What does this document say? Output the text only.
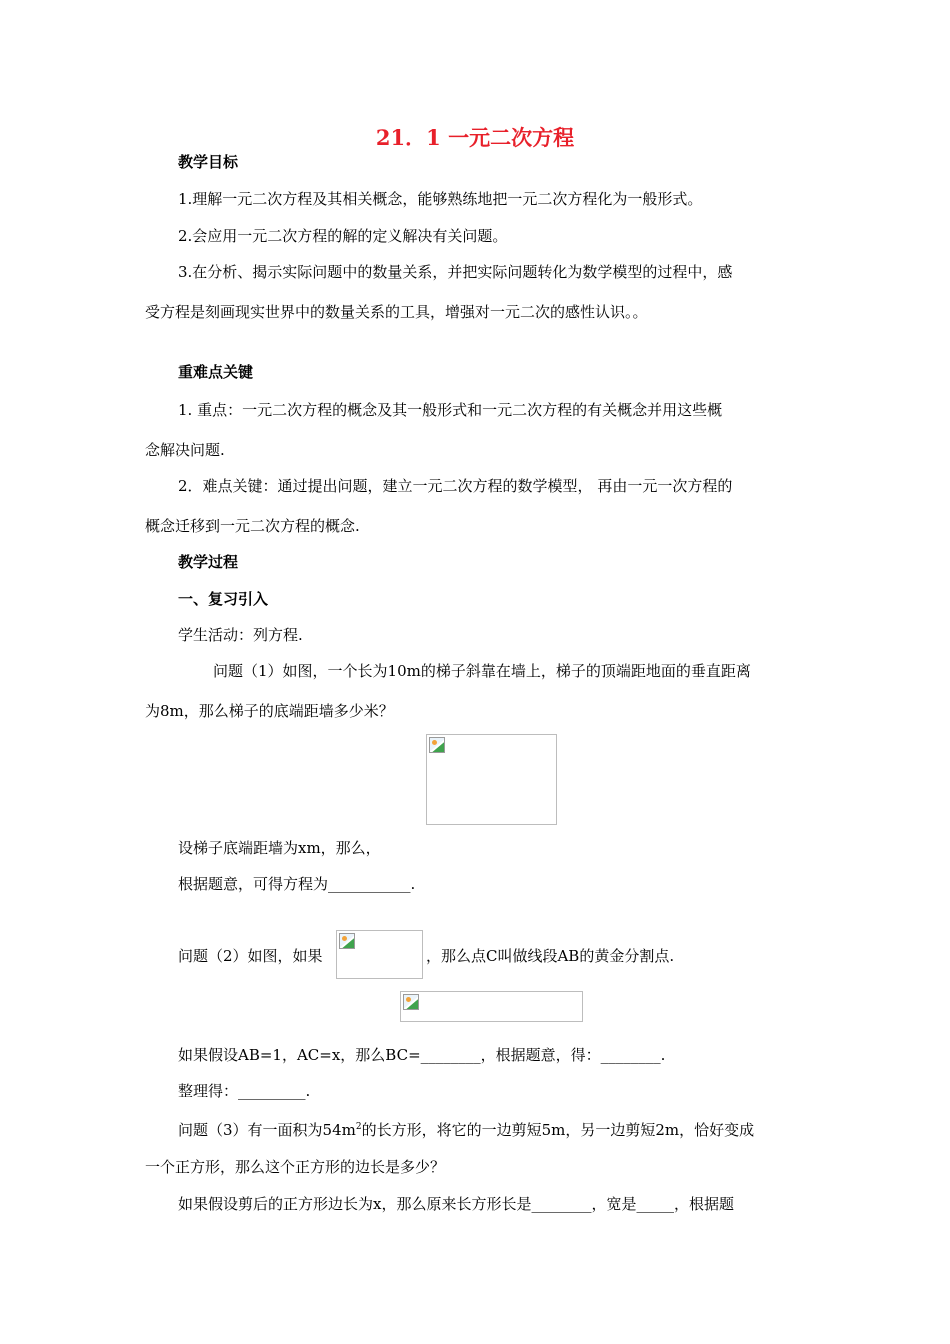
21．1 一元二次方程
教学目标
1.理解一元二次方程及其相关概念，能够熟练地把一元二次方程化为一般形式。
2.会应用一元二次方程的解的定义解决有关问题。
3.在分析、揭示实际问题中的数量关系，并把实际问题转化为数学模型的过程中，感
受方程是刻画现实世界中的数量关系的工具，增强对一元二次的感性认识。。
重难点关键
1. 重点：一元二次方程的概念及其一般形式和一元二次方程的有关概念并用这些概
念解决问题.
2．难点关键：通过提出问题，建立一元二次方程的数学模型， 再由一元一次方程的
概念迁移到一元二次方程的概念.
教学过程
一、复习引入
学生活动：列方程.
问题（1）如图，一个长为10m的梯子斜靠在墙上，梯子的顶端距地面的垂直距离
为8m，那么梯子的底端距墙多少米？
设梯子底端距墙为xm，那么，
根据题意，可得方程为___________.
问题（2）如图，如果	，那么点C叫做线段AB的黄金分割点.
如果假设AB=1，AC=x，那么BC=________，根据题意，得：________.
整理得：_________.
问题（3）有一面积为$54m^2$的长方形，将它的一边剪短5m，另一边剪短2m，恰好变成
一个正方形，那么这个正方形的边长是多少？
如果假设剪后的正方形边长为x，那么原来长方形长是________，宽是_____，根据题
